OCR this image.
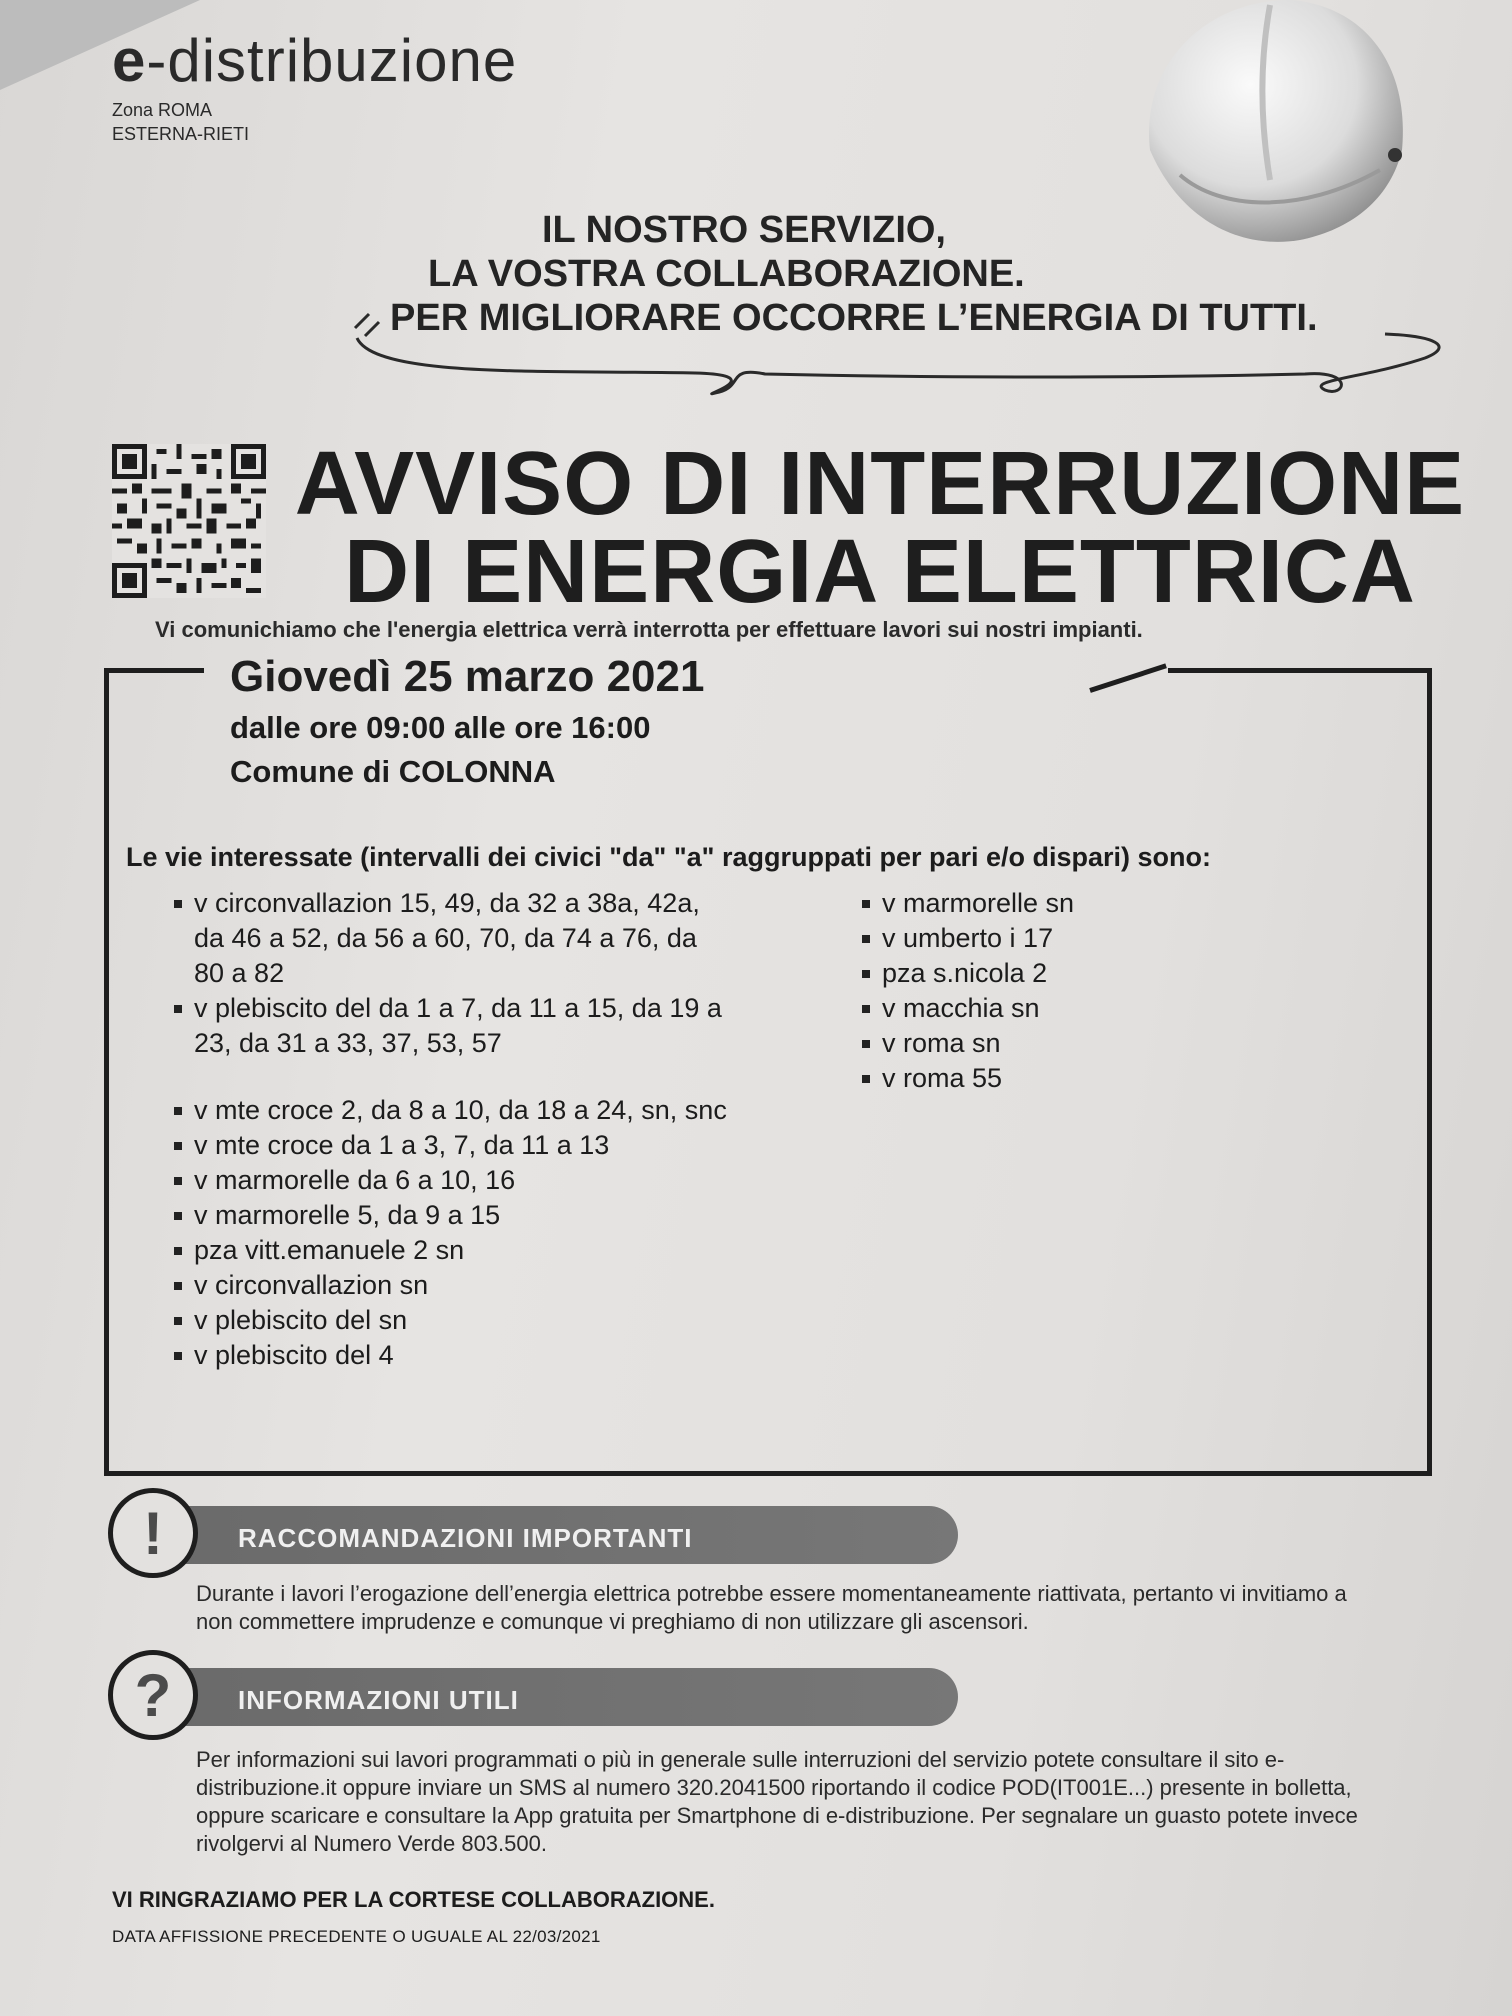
e-distribuzione
Zona ROMA
ESTERNA-RIETI
IL NOSTRO SERVIZIO,
LA VOSTRA COLLABORAZIONE.
PER MIGLIORARE OCCORRE L’ENERGIA DI TUTTI.
AVVISO DI INTERRUZIONE
DI ENERGIA ELETTRICA
Vi comunichiamo che l'energia elettrica verrà interrotta per effettuare lavori sui nostri impianti.
Giovedì 25 marzo 2021
dalle ore 09:00 alle ore 16:00
Comune di COLONNA
Le vie interessate (intervalli dei civici "da" "a" raggruppati per pari e/o dispari) sono:
v circonvallazion 15, 49, da 32 a 38a, 42a, da 46 a 52, da 56 a 60, 70, da 74 a 76, da 80 a 82
v plebiscito del da 1 a 7, da 11 a 15, da 19 a 23, da 31 a 33, 37, 53, 57
v mte croce 2, da 8 a 10, da 18 a 24, sn, snc
v mte croce da 1 a 3, 7, da 11 a 13
v marmorelle da 6 a 10, 16
v marmorelle 5, da 9 a 15
pza vitt.emanuele 2 sn
v circonvallazion sn
v plebiscito del sn
v plebiscito del 4
v marmorelle sn
v umberto i 17
pza s.nicola 2
v macchia sn
v roma sn
v roma 55
RACCOMANDAZIONI IMPORTANTI
!
Durante i lavori l’erogazione dell’energia elettrica potrebbe essere momentaneamente riattivata, pertanto vi invitiamo a non commettere imprudenze e comunque vi preghiamo di non utilizzare gli ascensori.
INFORMAZIONI UTILI
?
Per informazioni sui lavori programmati o più in generale sulle interruzioni del servizio potete consultare il sito e-distribuzione.it oppure inviare un SMS al numero 320.2041500 riportando il codice POD(IT001E...) presente in bolletta, oppure scaricare e consultare la App gratuita per Smartphone di e-distribuzione. Per segnalare un guasto potete invece rivolgervi al Numero Verde 803.500.
VI RINGRAZIAMO PER LA CORTESE COLLABORAZIONE.
DATA AFFISSIONE PRECEDENTE O UGUALE AL 22/03/2021
